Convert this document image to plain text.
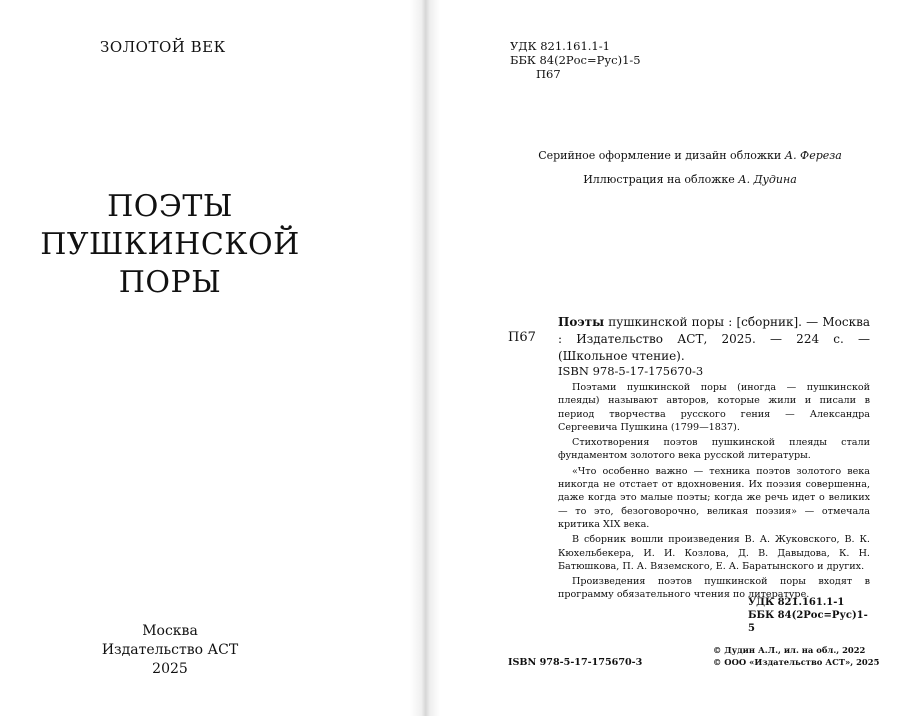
ЗОЛОТОЙ ВЕК
ПОЭТЫ
ПУШКИНСКОЙ
ПОРЫ
Москва
Издательство АСТ
2025
УДК 821.161.1-1
ББК 84(2Рос=Рус)1-5
П67
Серийное оформление и дизайн обложки А. Фереза
Иллюстрация на обложке А. Дудина
П67
Поэты пушкинской поры : [сборник]. — Москва : Издательство АСТ, 2025. — 224 с. — (Школьное чтение).
ISBN 978-5-17-175670-3

Поэтами пушкинской поры (иногда — пушкинской плеяды) называют авторов, которые жили и писали в период творчества русского гения — Александра Сергеевича Пушкина (1799—1837).

Стихотворения поэтов пушкинской плеяды стали фундаментом золотого века русской литературы.

«Что особенно важно — техника поэтов золотого века никогда не отстает от вдохновения. Их поэзия совершенна, даже когда это малые поэты; когда же речь идет о великих — то это, безоговорочно, великая поэзия» — отмечала критика XIX века.

В сборник вошли произведения В. А. Жуковского, В. К. Кюхельбекера, И. И. Козлова, Д. В. Давыдова, К. Н. Батюшкова, П. А. Вяземского, Е. А. Баратынского и других.

Произведения поэтов пушкинской поры входят в программу обязательного чтения по литературе.

УДК 821.161.1-1
ББК 84(2Рос=Рус)1-5
ISBN 978-5-17-175670-3
© Дудин А.Л., ил. на обл., 2022
© ООО «Издательство АСТ», 2025
